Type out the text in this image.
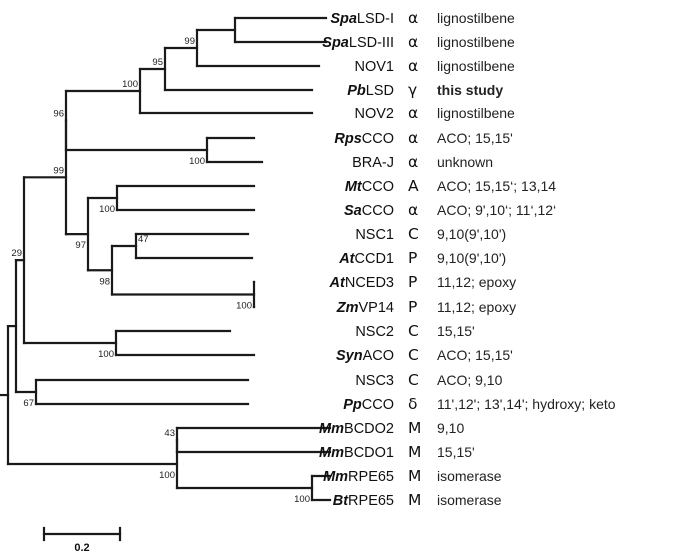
99
95
100
100
96
100
47
100
98
97
99
100
29
67
43
100
100
SpaLSD-I
SpaLSD-III
NOV1
PbLSD
NOV2
RpsCCO
BRA-J
MtCCO
SaCCO
NSC1
AtCCD1
AtNCED3
ZmVP14
NSC2
SynACO
NSC3
PpCCO
MmBCDO2
MmBCDO1
MmRPE65
BtRPE65
α
α
α
γ
α
α
α
A
α
C
P
P
P
C
C
C
δ
M
M
M
M
lignostilbene
lignostilbene
lignostilbene
this study
lignostilbene
ACO; 15,15'
unknown
ACO; 15,15‘; 13,14
ACO; 9',10‘; 11‘,12‘
9,10(9',10')
9,10(9',10')
11,12; epoxy
11,12; epoxy
15,15'
ACO; 15,15'
ACO; 9,10
11',12'; 13',14'; hydroxy; keto
9,10
15,15'
isomerase
isomerase
0.2
